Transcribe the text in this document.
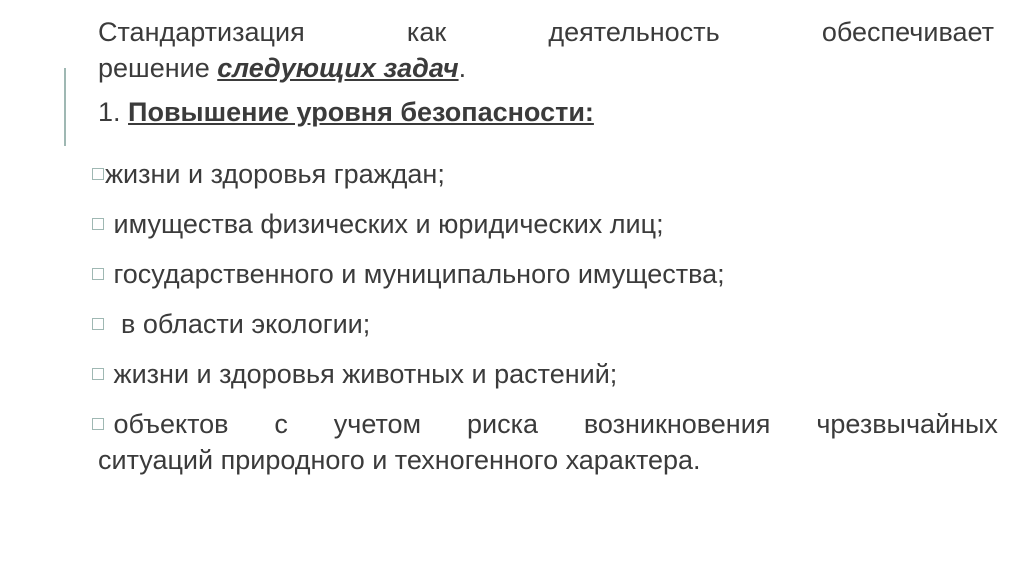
Стандартизация	как	деятельность	обеспечивает
решение следующих задач.
1. Повышение уровня безопасности:
жизни и здоровья граждан;
имущества физических и юридических лиц;
государственного и муниципального имущества;
в области экологии;
жизни и здоровья животных и растений;
объектов с учетом риска возникновения чрезвычайных
ситуаций природного и техногенного характера.
